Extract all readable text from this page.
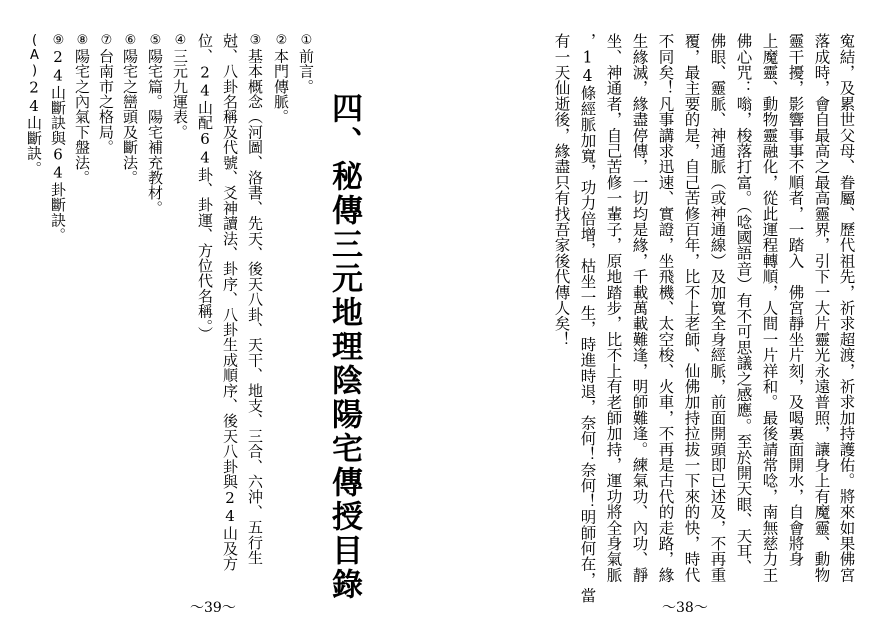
四、秘傳三元地理陰陽宅傳授目錄
①前言。
②本門傳脈。
③基本概念（河圖、洛書、先天、後天八卦、天干、地支、三合、六沖、五行生
尅、八卦名稱及代號、爻神讀法、卦序、八卦生成順序、後天八卦與24山及方
位、24山配64卦、卦運、方位代名稱。）
④三元九運表。
⑤陽宅篇。陽宅補充教材。
⑥陽宅之巒頭及斷法。
⑦台南市之格局。
⑧陽宅之內氣下盤法。
⑨24山斷訣與64卦斷訣。
(A)24山斷訣。
～39～
寃結，及累世父母、眷屬、歷代祖先，祈求超渡，祈求加持護佑。將來如果佛宮
落成時，會自最高之最高靈界，引下一大片靈光永遠普照，讓身上有魔靈、動物
靈干擾，影響事事不順者，一踏入　佛宮靜坐片刻，及喝裏面開水，自會將身
上魔靈、動物靈融化，從此運程轉順，人間一片祥和。最後請常唸，南無慈力王
佛心咒：嗡，梭落打富。（唸國語音）有不可思議之感應。至於開天眼、天耳、
佛眼、靈脈、神通脈（或神通線）及加寬全身經脈，前面開頭即已述及，不再重
覆，最主要的是，自己苦修百年，比不上老師、仙佛加持拉拔一下來的快，時代
不同矣！凡事講求迅速、實證，坐飛機、太空梭、火車，不再是古代的走路，緣
生緣滅，緣盡停傳，一切均是緣，千載萬載難逢，明師難逢。練氣功、內功、靜
坐、神通者，自己苦修一輩子，原地踏步，比不上有老師加持，運功將全身氣脈
，14條經脈加寬，功力倍增，枯坐一生，時進時退，奈何！奈何！明師何在，當
有一天仙逝後，緣盡只有找吾家後代傳人矣！
～38～
